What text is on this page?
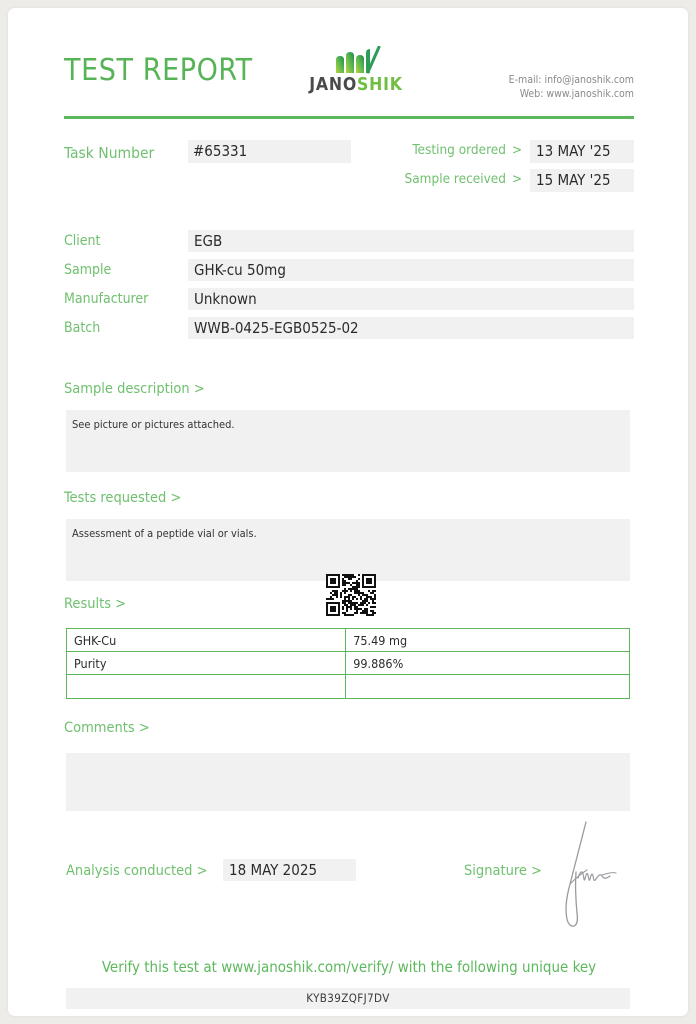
TEST REPORT	JANOSHIK	E-mail: info@janoshik.com
Web: www.janoshik.com
Task Number	#65331	Testing ordered > 13 MAY '25
Sample received > 15 MAY '25
Client	EGB
Sample	GHK-cu 50mg
Manufacturer	Unknown
Batch	WWB-0425-EGB0525-02
Sample description >
See picture or pictures attached.
Tests requested >
Assessment of a peptide vial or vials.
Results >
GHK-Cu	75.49 mg
Purity	99.886%

Comments >
Analysis conducted >	18 MAY 2025	Signature >
Verify this test at www.janoshik.com/verify/ with the following unique key
KYB39ZQFJ7DV
